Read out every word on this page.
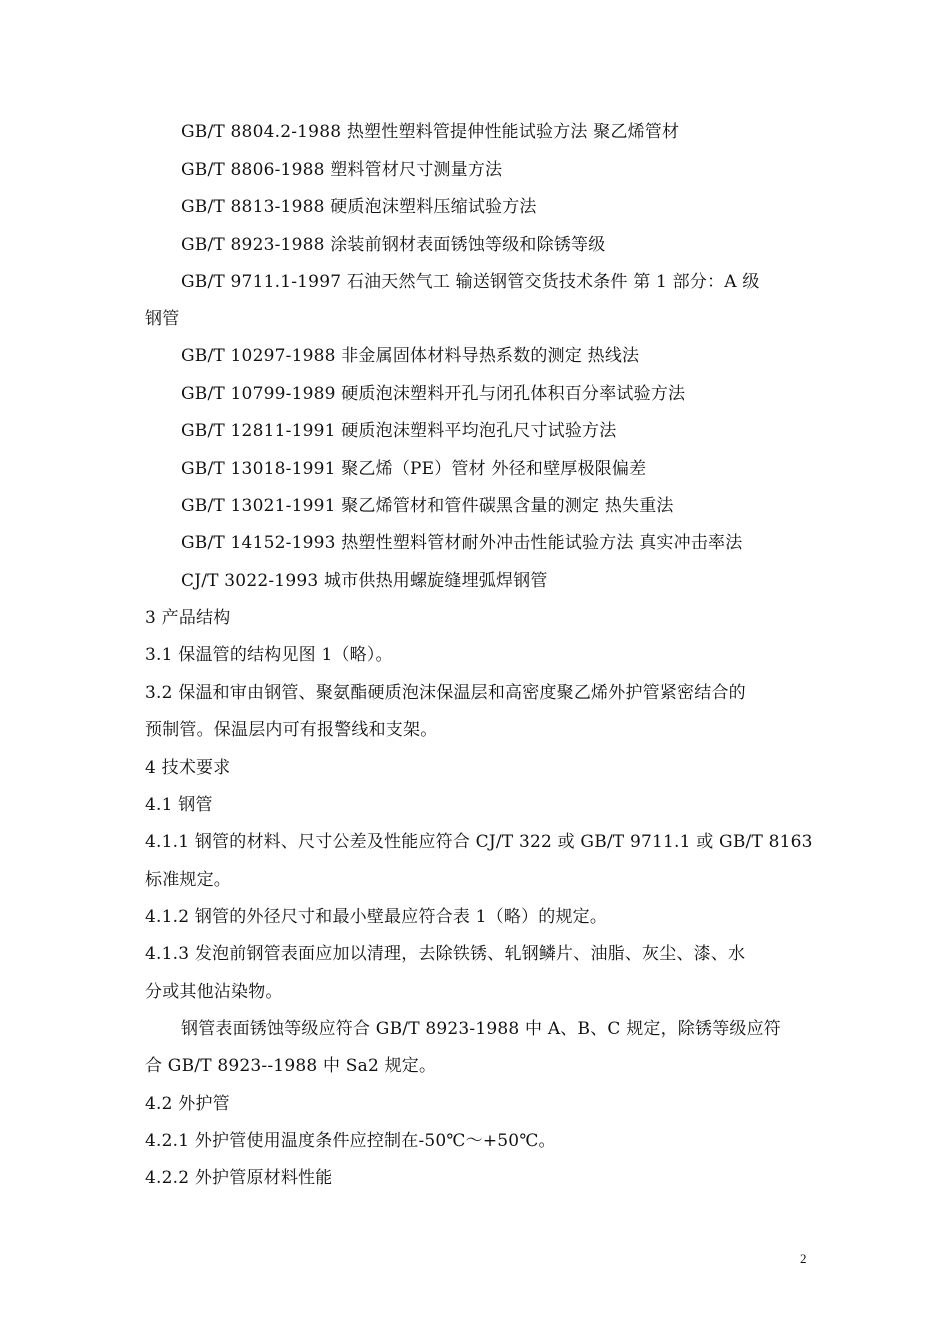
GB/T 8804.2-1988 热塑性塑料管提伸性能试验方法 聚乙烯管材
GB/T 8806-1988 塑料管材尺寸测量方法
GB/T 8813-1988 硬质泡沫塑料压缩试验方法
GB/T 8923-1988 涂装前钢材表面锈蚀等级和除锈等级
GB/T 9711.1-1997 石油天然气工 输送钢管交货技术条件 第 1 部分：A 级
钢管
GB/T 10297-1988 非金属固体材料导热系数的测定 热线法
GB/T 10799-1989 硬质泡沫塑料开孔与闭孔体积百分率试验方法
GB/T 12811-1991 硬质泡沫塑料平均泡孔尺寸试验方法
GB/T 13018-1991 聚乙烯（PE）管材 外径和壁厚极限偏差
GB/T 13021-1991 聚乙烯管材和管件碳黑含量的测定 热失重法
GB/T 14152-1993 热塑性塑料管材耐外冲击性能试验方法 真实冲击率法
CJ/T 3022-1993 城市供热用螺旋缝埋弧焊钢管
3 产品结构
3.1 保温管的结构见图 1（略）。
3.2 保温和审由钢管、聚氨酯硬质泡沫保温层和高密度聚乙烯外护管紧密结合的
预制管。保温层内可有报警线和支架。
4 技术要求
4.1 钢管
4.1.1 钢管的材料、尺寸公差及性能应符合 CJ/T 322 或 GB/T 9711.1 或 GB/T 8163
标准规定。
4.1.2 钢管的外径尺寸和最小壁最应符合表 1（略）的规定。
4.1.3 发泡前钢管表面应加以清理，去除铁锈、轧钢鳞片、油脂、灰尘、漆、水
分或其他沾染物。
钢管表面锈蚀等级应符合 GB/T 8923-1988 中 A、B、C 规定，除锈等级应符
合 GB/T 8923--1988 中 Sa2 规定。
4.2 外护管
4.2.1 外护管使用温度条件应控制在-50℃～+50℃。
4.2.2 外护管原材料性能
2
